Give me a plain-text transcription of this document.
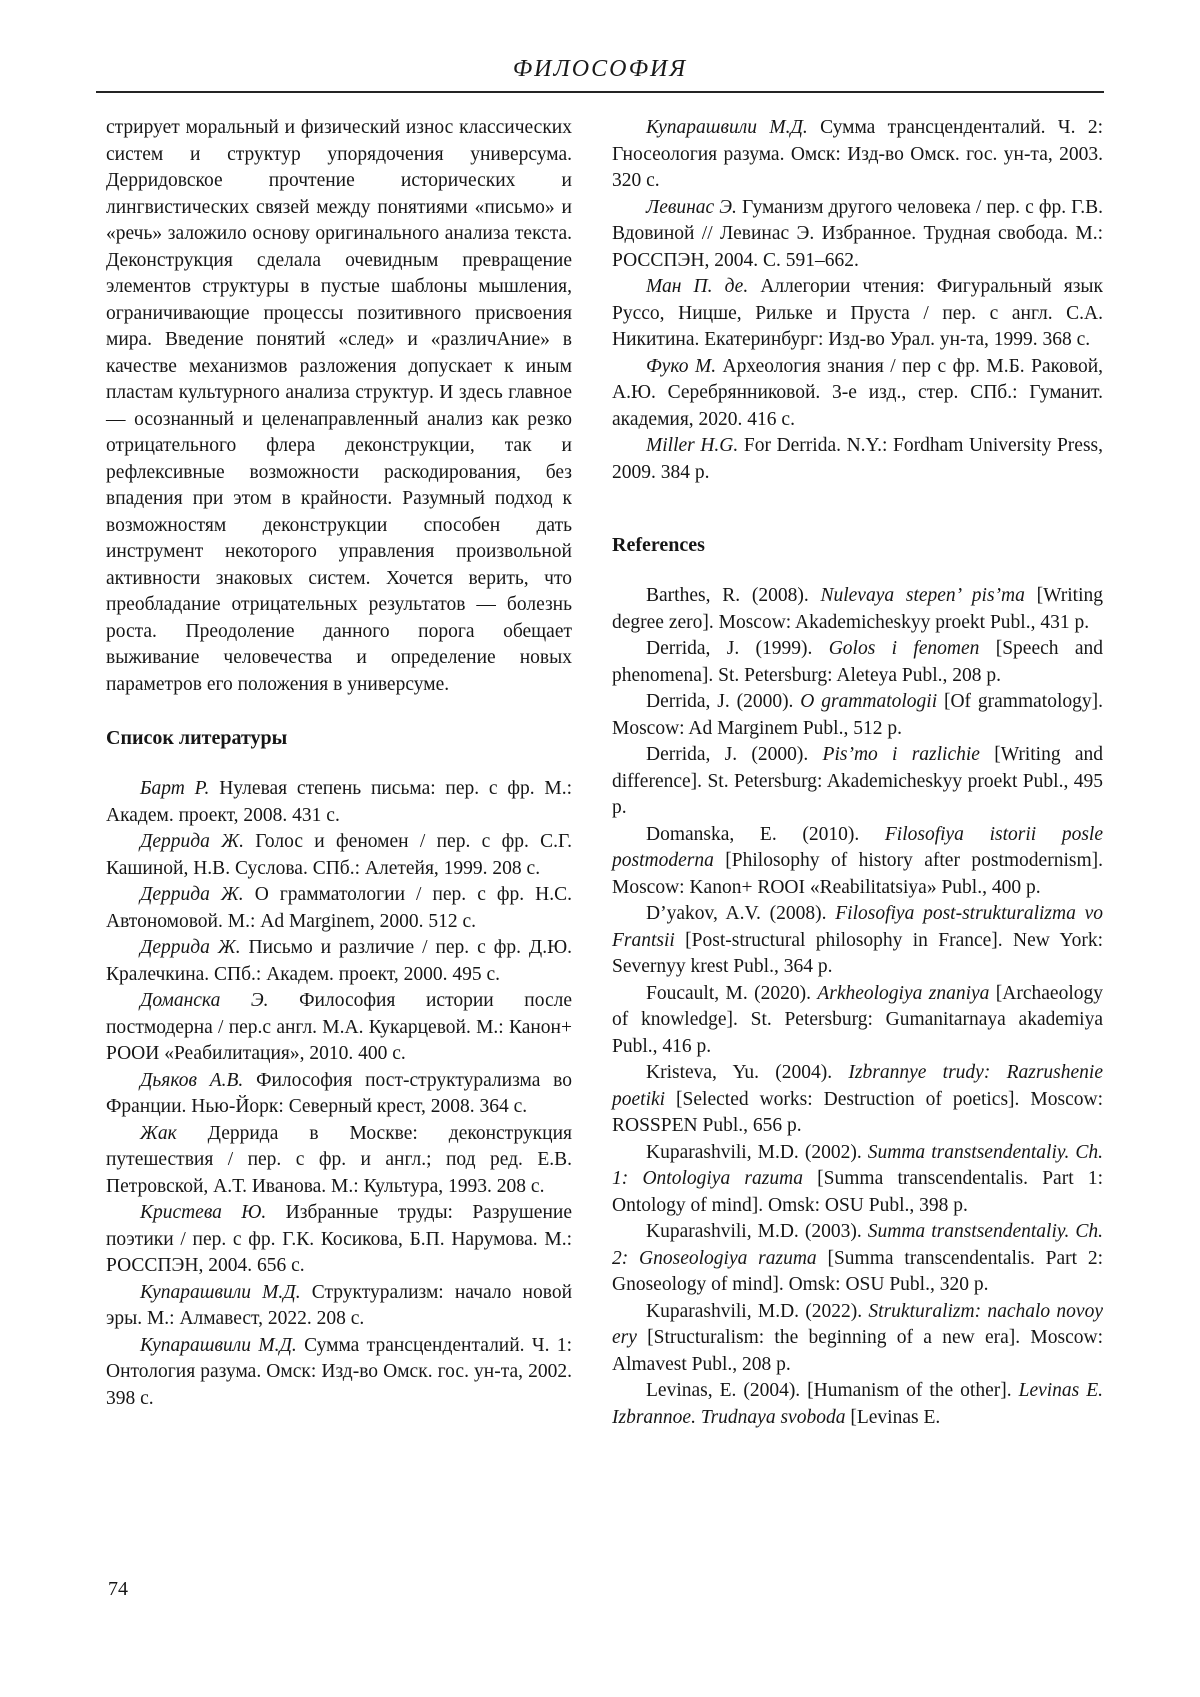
ФИЛОСОФИЯ

стрирует моральный и физический износ классических систем и структур упорядочения универсума. Дерридовское прочтение исторических и лингвистических связей между понятиями «письмо» и «речь» заложило основу оригинального анализа текста. Деконструкция сделала очевидным превращение элементов структуры в пустые шаблоны мышления, ограничивающие процессы позитивного присвоения мира. Введение понятий «след» и «различАние» в качестве механизмов разложения допускает к иным пластам культурного анализа структур. И здесь главное — осознанный и целенаправленный анализ как резко отрицательного флера деконструкции, так и рефлексивные возможности раскодирования, без впадения при этом в крайности. Разумный подход к возможностям деконструкции способен дать инструмент некоторого управления произвольной активности знаковых систем. Хочется верить, что преобладание отрицательных результатов — болезнь роста. Преодоление данного порога обещает выживание человечества и определение новых параметров его положения в универсуме.

Список литературы

Барт Р. Нулевая степень письма: пер. с фр. М.: Академ. проект, 2008. 431 с.

Деррида Ж. Голос и феномен / пер. с фр. С.Г. Кашиной, Н.В. Суслова. СПб.: Алетейя, 1999. 208 с.

Деррида Ж. О грамматологии / пер. с фр. Н.С. Автономовой. М.: Ad Marginem, 2000. 512 с.

Деррида Ж. Письмо и различие / пер. с фр. Д.Ю. Кралечкина. СПб.: Академ. проект, 2000. 495 с.

Доманска Э. Философия истории после постмодерна / пер.с англ. М.А. Кукарцевой. М.: Канон+ РООИ «Реабилитация», 2010. 400 с.

Дьяков А.В. Философия пост-структурализма во Франции. Нью-Йорк: Северный крест, 2008. 364 с.

Жак Деррида в Москве: деконструкция путешествия / пер. с фр. и англ.; под ред. Е.В. Петровской, А.Т. Иванова. М.: Культура, 1993. 208 с.

Кристева Ю. Избранные труды: Разрушение поэтики / пер. с фр. Г.К. Косикова, Б.П. Нарумова. М.: РОССПЭН, 2004. 656 с.

Купарашвили М.Д. Структурализм: начало новой эры. М.: Алмавест, 2022. 208 с.

Купарашвили М.Д. Сумма трансценденталий. Ч. 1: Онтология разума. Омск: Изд-во Омск. гос. ун-та, 2002. 398 с.

Купарашвили М.Д. Сумма трансценденталий. Ч. 2: Гносеология разума. Омск: Изд-во Омск. гос. ун-та, 2003. 320 с.

Левинас Э. Гуманизм другого человека / пер. с фр. Г.В. Вдовиной // Левинас Э. Избранное. Трудная свобода. М.: РОССПЭН, 2004. С. 591–662.

Ман П. де. Аллегории чтения: Фигуральный язык Руссо, Ницше, Рильке и Пруста / пер. с англ. С.А. Никитина. Екатеринбург: Изд-во Урал. ун-та, 1999. 368 с.

Фуко М. Археология знания / пер с фр. М.Б. Раковой, А.Ю. Серебрянниковой. 3-е изд., стер. СПб.: Гуманит. академия, 2020. 416 с.

Miller H.G. For Derrida. N.Y.: Fordham University Press, 2009. 384 p.

References

Barthes, R. (2008). Nulevaya stepen’ pis’ma [Writing degree zero]. Moscow: Akademicheskyy proekt Publ., 431 p.

Derrida, J. (1999). Golos i fenomen [Speech and phenomena]. St. Petersburg: Aleteya Publ., 208 p.

Derrida, J. (2000). O grammatologii [Of grammatology]. Moscow: Ad Marginem Publ., 512 p.

Derrida, J. (2000). Pis’mo i razlichie [Writing and difference]. St. Petersburg: Akademicheskyy proekt Publ., 495 p.

Domanska, E. (2010). Filosofiya istorii posle postmoderna [Philosophy of history after postmodernism]. Moscow: Kanon+ ROOI «Reabilitatsiya» Publ., 400 p.

D’yakov, A.V. (2008). Filosofiya post-strukturalizma vo Frantsii [Post-structural philosophy in France]. New York: Severnyy krest Publ., 364 p.

Foucault, M. (2020). Arkheologiya znaniya [Archaeology of knowledge]. St. Petersburg: Gumanitarnaya akademiya Publ., 416 p.

Kristeva, Yu. (2004). Izbrannye trudy: Razrushenie poetiki [Selected works: Destruction of poetics]. Moscow: ROSSPEN Publ., 656 p.

Kuparashvili, M.D. (2002). Summa transtsendentaliy. Ch. 1: Ontologiya razuma [Summa transcendentalis. Part 1: Ontology of mind]. Omsk: OSU Publ., 398 p.

Kuparashvili, M.D. (2003). Summa transtsendentaliy. Ch. 2: Gnoseologiya razuma [Summa transcendentalis. Part 2: Gnoseology of mind]. Omsk: OSU Publ., 320 p.

Kuparashvili, M.D. (2022). Strukturalizm: nachalo novoy ery [Structuralism: the beginning of a new era]. Moscow: Almavest Publ., 208 p.

Levinas, E. (2004). [Humanism of the other]. Levinas E. Izbrannoe. Trudnaya svoboda [Levinas E.

74
